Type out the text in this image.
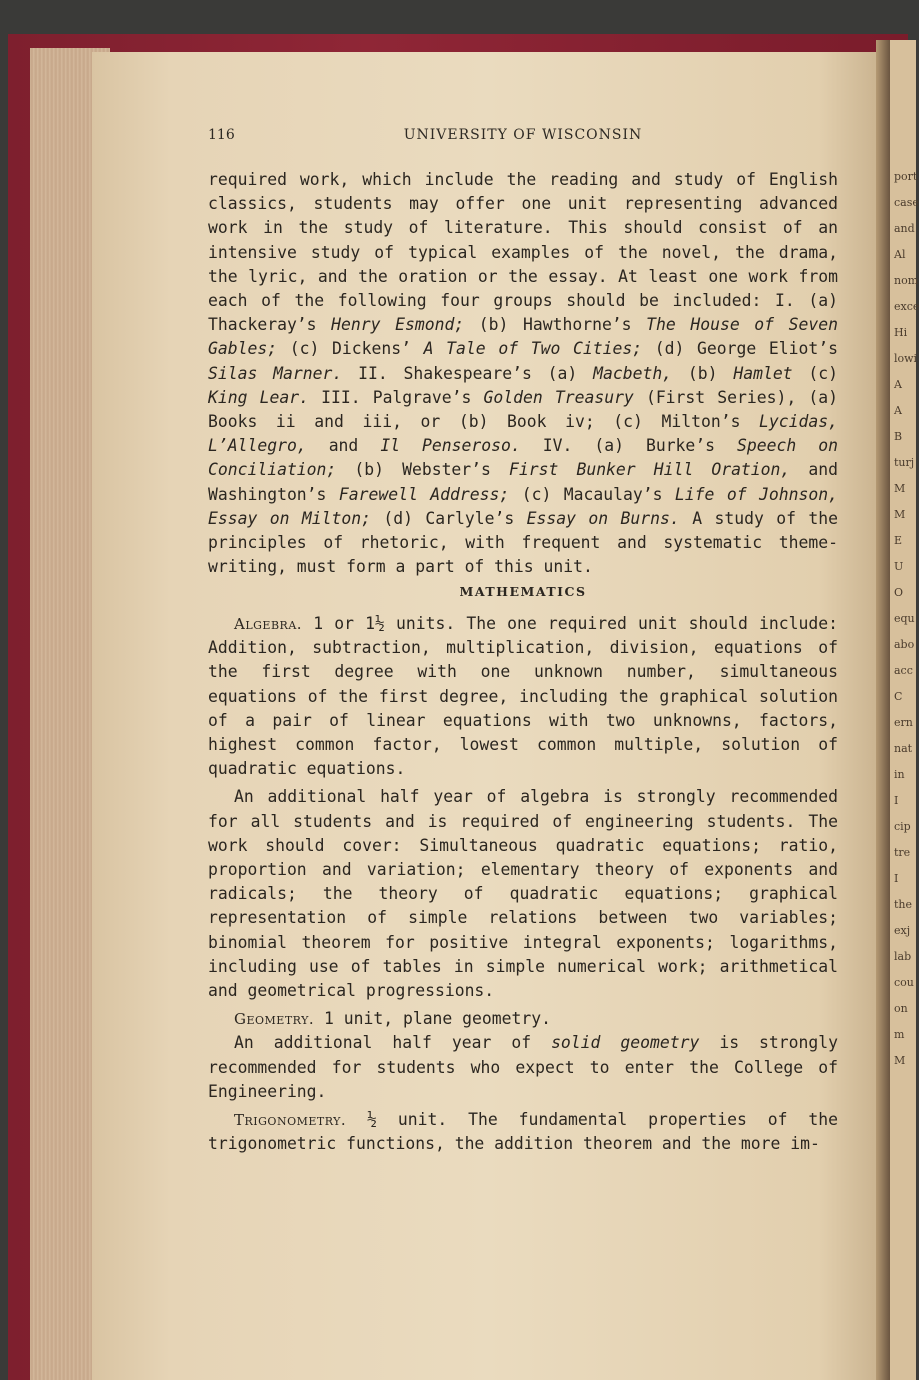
port
case
and
Al
nom
exce
Hi
lowi
A
A
B
turj
M
M
E
U
O
equ
abo
acc
C
ern
nat
in
I
cip
tre
I
the
exj
lab
cou
on
m
M
116	UNIVERSITY OF WISCONSIN

required work, which include the reading and study of English classics, students may offer one unit representing advanced work in the study of literature. This should consist of an intensive study of typical examples of the novel, the drama, the lyric, and the oration or the essay. At least one work from each of the following four groups should be included: I. (a) Thackeray’s Henry Esmond; (b) Hawthorne’s The House of Seven Gables; (c) Dickens’ A Tale of Two Cities; (d) George Eliot’s Silas Marner. II. Shakespeare’s (a) Macbeth, (b) Hamlet (c) King Lear. III. Palgrave’s Golden Treasury (First Series), (a) Books ii and iii, or (b) Book iv; (c) Milton’s Lycidas, L’Allegro, and Il Penseroso. IV. (a) Burke’s Speech on Conciliation; (b) Webster’s First Bunker Hill Oration, and Washington’s Farewell Address; (c) Macaulay’s Life of Johnson, Essay on Milton; (d) Carlyle’s Essay on Burns. A study of the principles of rhetoric, with frequent and systematic theme-writing, must form a part of this unit.

MATHEMATICS

Algebra. 1 or 1½ units. The one required unit should include: Addition, subtraction, multiplication, division, equations of the first degree with one unknown number, simultaneous equations of the first degree, including the graphical solution of a pair of linear equations with two unknowns, factors, highest common factor, lowest common multiple, solution of quadratic equations.

An additional half year of algebra is strongly recommended for all students and is required of engineering students. The work should cover: Simultaneous quadratic equations; ratio, proportion and variation; elementary theory of exponents and radicals; the theory of quadratic equations; graphical representation of simple relations between two variables; binomial theorem for positive integral exponents; logarithms, including use of tables in simple numerical work; arithmetical and geometrical progressions.

Geometry. 1 unit, plane geometry.

An additional half year of solid geometry is strongly recommended for students who expect to enter the College of Engineering.

Trigonometry. ½ unit. The fundamental properties of the trigonometric functions, the addition theorem and the more im-
